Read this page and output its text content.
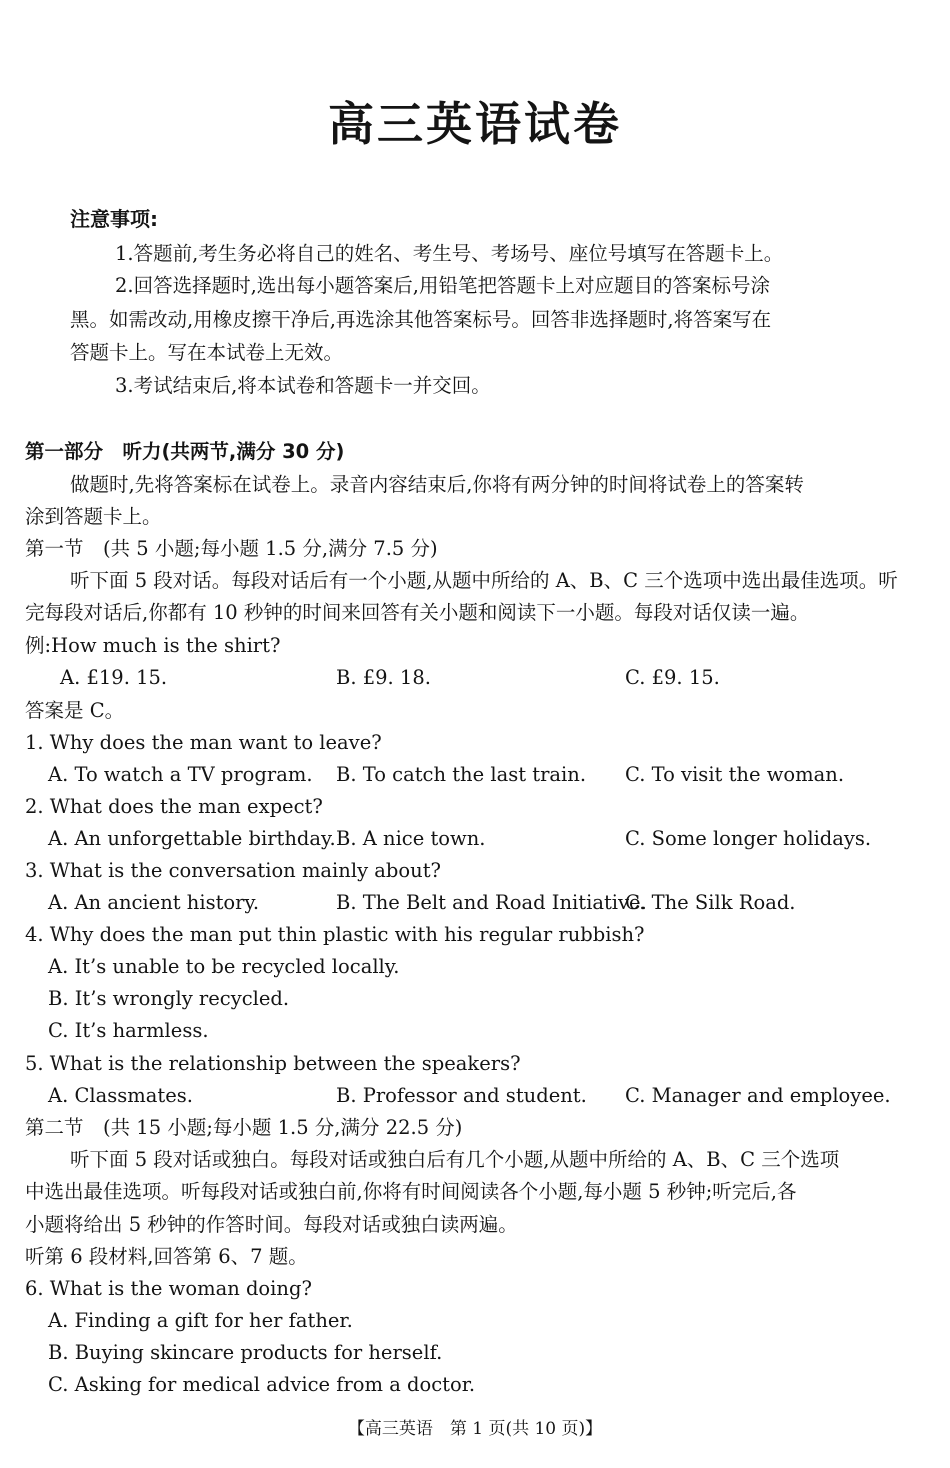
高三英语试卷
注意事项:
1.答题前,考生务必将自己的姓名、考生号、考场号、座位号填写在答题卡上。
2.回答选择题时,选出每小题答案后,用铅笔把答题卡上对应题目的答案标号涂
黑。如需改动,用橡皮擦干净后,再选涂其他答案标号。回答非选择题时,将答案写在
答题卡上。写在本试卷上无效。
3.考试结束后,将本试卷和答题卡一并交回。
第一部分　听力(共两节,满分 30 分)
做题时,先将答案标在试卷上。录音内容结束后,你将有两分钟的时间将试卷上的答案转
涂到答题卡上。
第一节　(共 5 小题;每小题 1.5 分,满分 7.5 分)
听下面 5 段对话。每段对话后有一个小题,从题中所给的 A、B、C 三个选项中选出最佳选项。听
完每段对话后,你都有 10 秒钟的时间来回答有关小题和阅读下一小题。每段对话仅读一遍。
例:How much is the shirt?
A. £19. 15.	B. £9. 18.	C. £9. 15.
答案是 C。
1. Why does the man want to leave?
A. To watch a TV program. B. To catch the last train. C. To visit the woman.
2. What does the man expect?
A. An unforgettable birthday. B. A nice town.	C. Some longer holidays.
3. What is the conversation mainly about?
A. An ancient history.	B. The Belt and Road Initiative.
C. The Silk Road.
4. Why does the man put thin plastic with his regular rubbish?
A. It’s unable to be recycled locally.
B. It’s wrongly recycled.
C. It’s harmless.
5. What is the relationship between the speakers?
A. Classmates.	B. Professor and student. C. Manager and employee.
第二节　(共 15 小题;每小题 1.5 分,满分 22.5 分)
听下面 5 段对话或独白。每段对话或独白后有几个小题,从题中所给的 A、B、C 三个选项
中选出最佳选项。听每段对话或独白前,你将有时间阅读各个小题,每小题 5 秒钟;听完后,各
小题将给出 5 秒钟的作答时间。每段对话或独白读两遍。
听第 6 段材料,回答第 6、7 题。
6. What is the woman doing?
A. Finding a gift for her father.
B. Buying skincare products for herself.
C. Asking for medical advice from a doctor.
【高三英语　第 1 页(共 10 页)】
